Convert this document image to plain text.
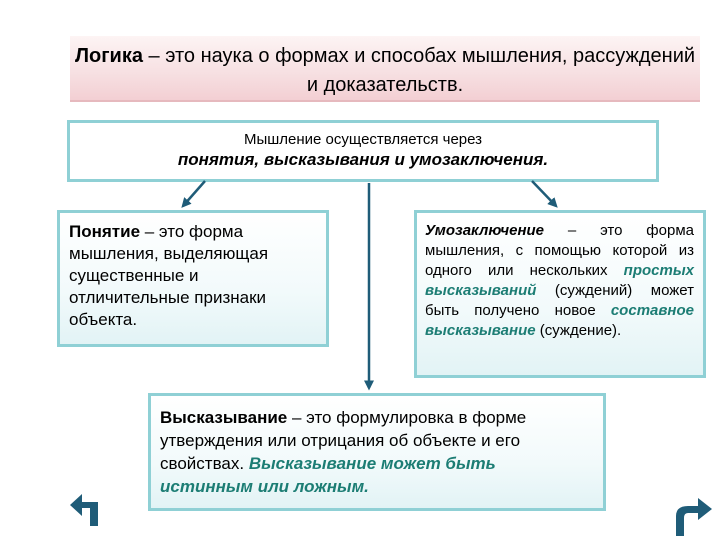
Логика – это наука о формах и способах мышления, рассуждений и доказательств.
Мышление осуществляется через
понятия, высказывания и умозаключения.
Понятие – это форма мышления, выделяющая существенные и отличительные признаки объекта.
Умозаключение – это форма мышления, с помощью которой из одного или нескольких простых высказываний (суждений) может быть получено новое составное высказывание (суждение).
Высказывание – это формулировка в форме утверждения или отрицания об объекте и его свойствах. Высказывание может быть истинным или ложным.
